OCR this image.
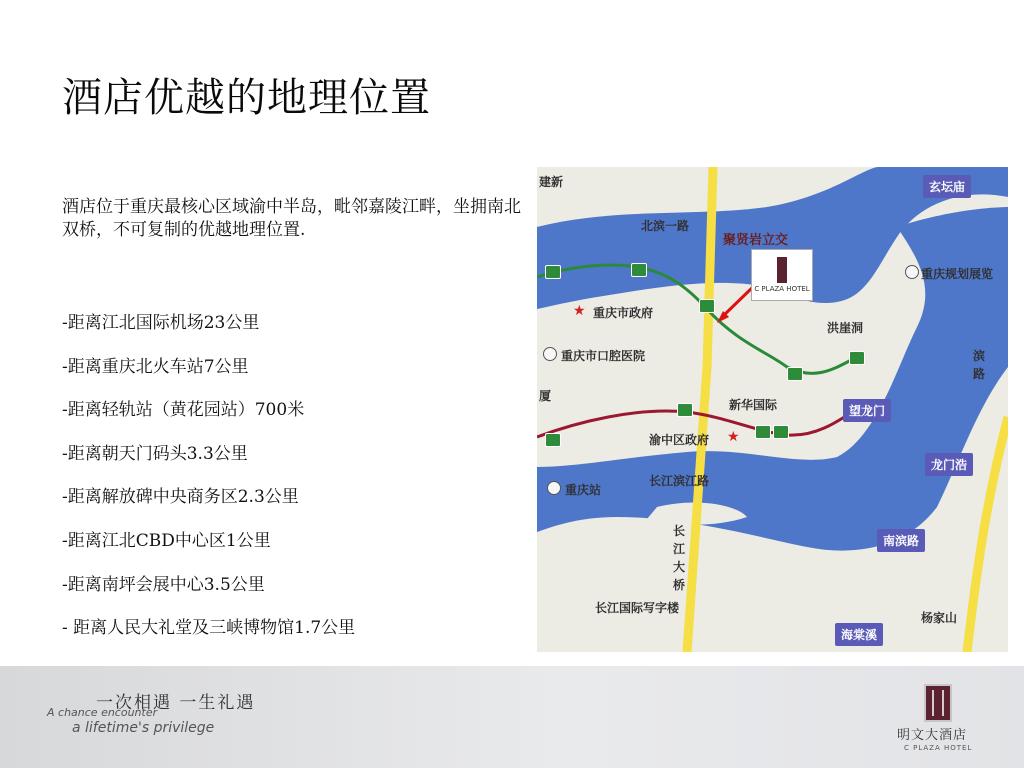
酒店优越的地理位置
酒店位于重庆最核心区域渝中半岛，毗邻嘉陵江畔，坐拥南北双桥，不可复制的优越地理位置.
-距离江北国际机场23公里
-距离重庆北火车站7公里
-距离轻轨站（黄花园站）700米
-距离朝天门码头3.3公里
-距离解放碑中央商务区2.3公里
-距离江北CBD中心区1公里
-距离南坪会展中心3.5公里
- 距离人民大礼堂及三峡博物馆1.7公里
聚贤岩立交
C PLAZA HOTEL
建新
北滨一路
★ 重庆市政府
重庆市口腔医院
厦
新华国际
渝中区政府 ★
重庆站
长江滨江路
长江大桥
长江国际写字楼
洪崖洞
重庆规划展览
杨家山
滨路
玄坛庙
望龙门
龙门浩
南滨路
海棠溪
一次相遇 一生礼遇
A chance encounter
a lifetime's privilege	明文大酒店
C PLAZA HOTEL
